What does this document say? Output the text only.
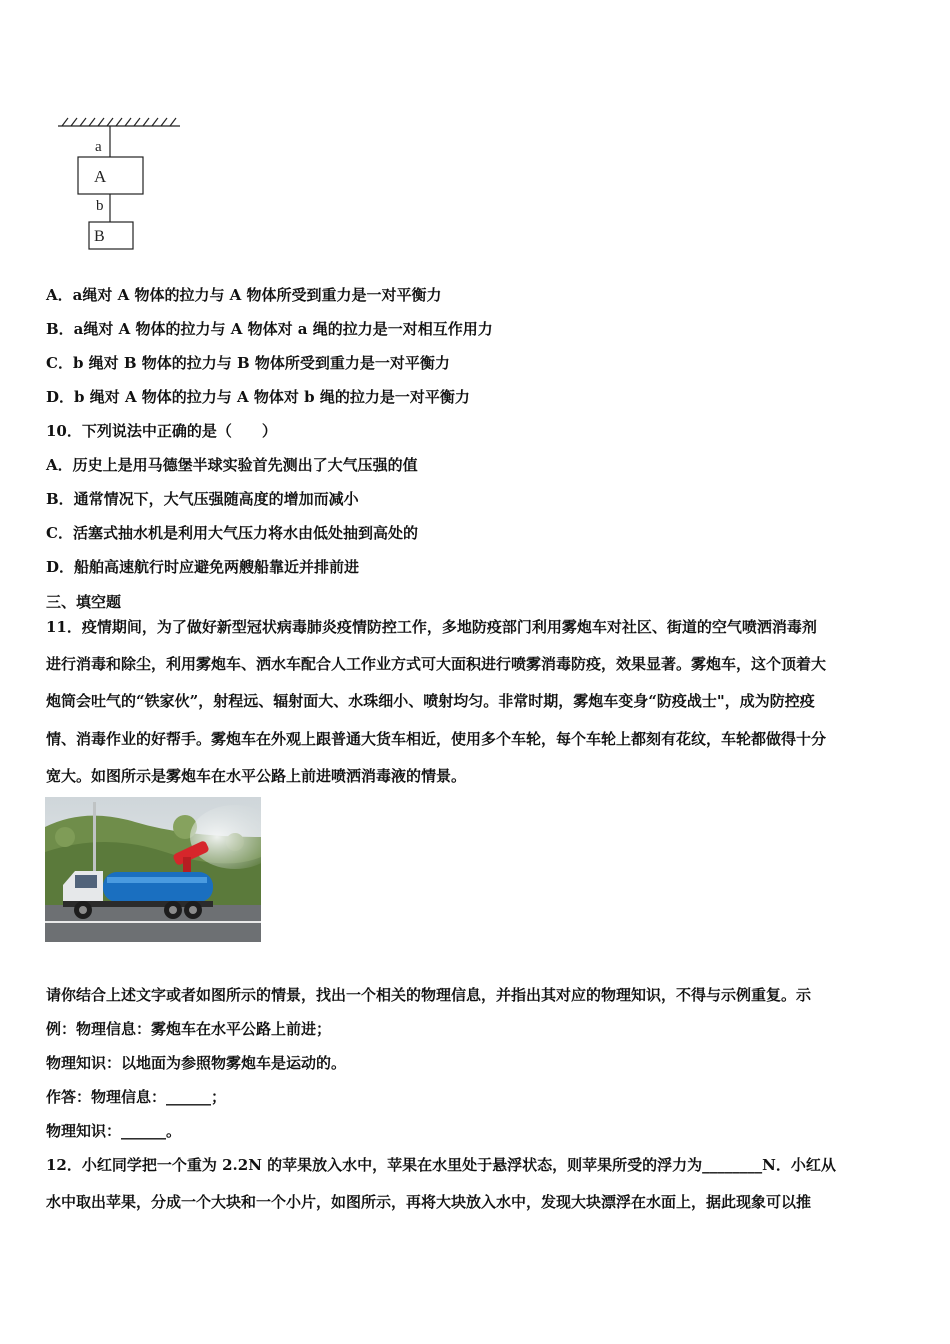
a
A
b
B
A．a绳对 A 物体的拉力与 A 物体所受到重力是一对平衡力
B．a绳对 A 物体的拉力与 A 物体对 a 绳的拉力是一对相互作用力
C．b 绳对 B 物体的拉力与 B 物体所受到重力是一对平衡力
D．b 绳对 A 物体的拉力与 A 物体对 b 绳的拉力是一对平衡力
10．下列说法中正确的是（　　）
A．历史上是用马德堡半球实验首先测出了大气压强的值
B．通常情况下，大气压强随高度的增加而减小
C．活塞式抽水机是利用大气压力将水由低处抽到高处的
D．船舶高速航行时应避免两艘船靠近并排前进
三、填空题
11．疫情期间，为了做好新型冠状病毒肺炎疫情防控工作，多地防疫部门利用雾炮车对社区、街道的空气喷洒消毒剂
进行消毒和除尘，利用雾炮车、洒水车配合人工作业方式可大面积进行喷雾消毒防疫，效果显著。雾炮车，这个顶着大
炮筒会吐气的“铁家伙”，射程远、辐射面大、水珠细小、喷射均匀。非常时期，雾炮车变身“防疫战士"，成为防控疫
情、消毒作业的好帮手。雾炮车在外观上跟普通大货车相近，使用多个车轮，每个车轮上都刻有花纹，车轮都做得十分
宽大。如图所示是雾炮车在水平公路上前进喷洒消毒液的情景。
请你结合上述文字或者如图所示的情景，找出一个相关的物理信息，并指出其对应的物理知识，不得与示例重复。示
例：物理信息：雾炮车在水平公路上前进；
物理知识：以地面为参照物雾炮车是运动的。
作答：物理信息：______；
物理知识：______。
12．小红同学把一个重为 2.2N 的苹果放入水中，苹果在水里处于悬浮状态，则苹果所受的浮力为________N．小红从
水中取出苹果，分成一个大块和一个小片，如图所示，再将大块放入水中，发现大块漂浮在水面上，据此现象可以推
